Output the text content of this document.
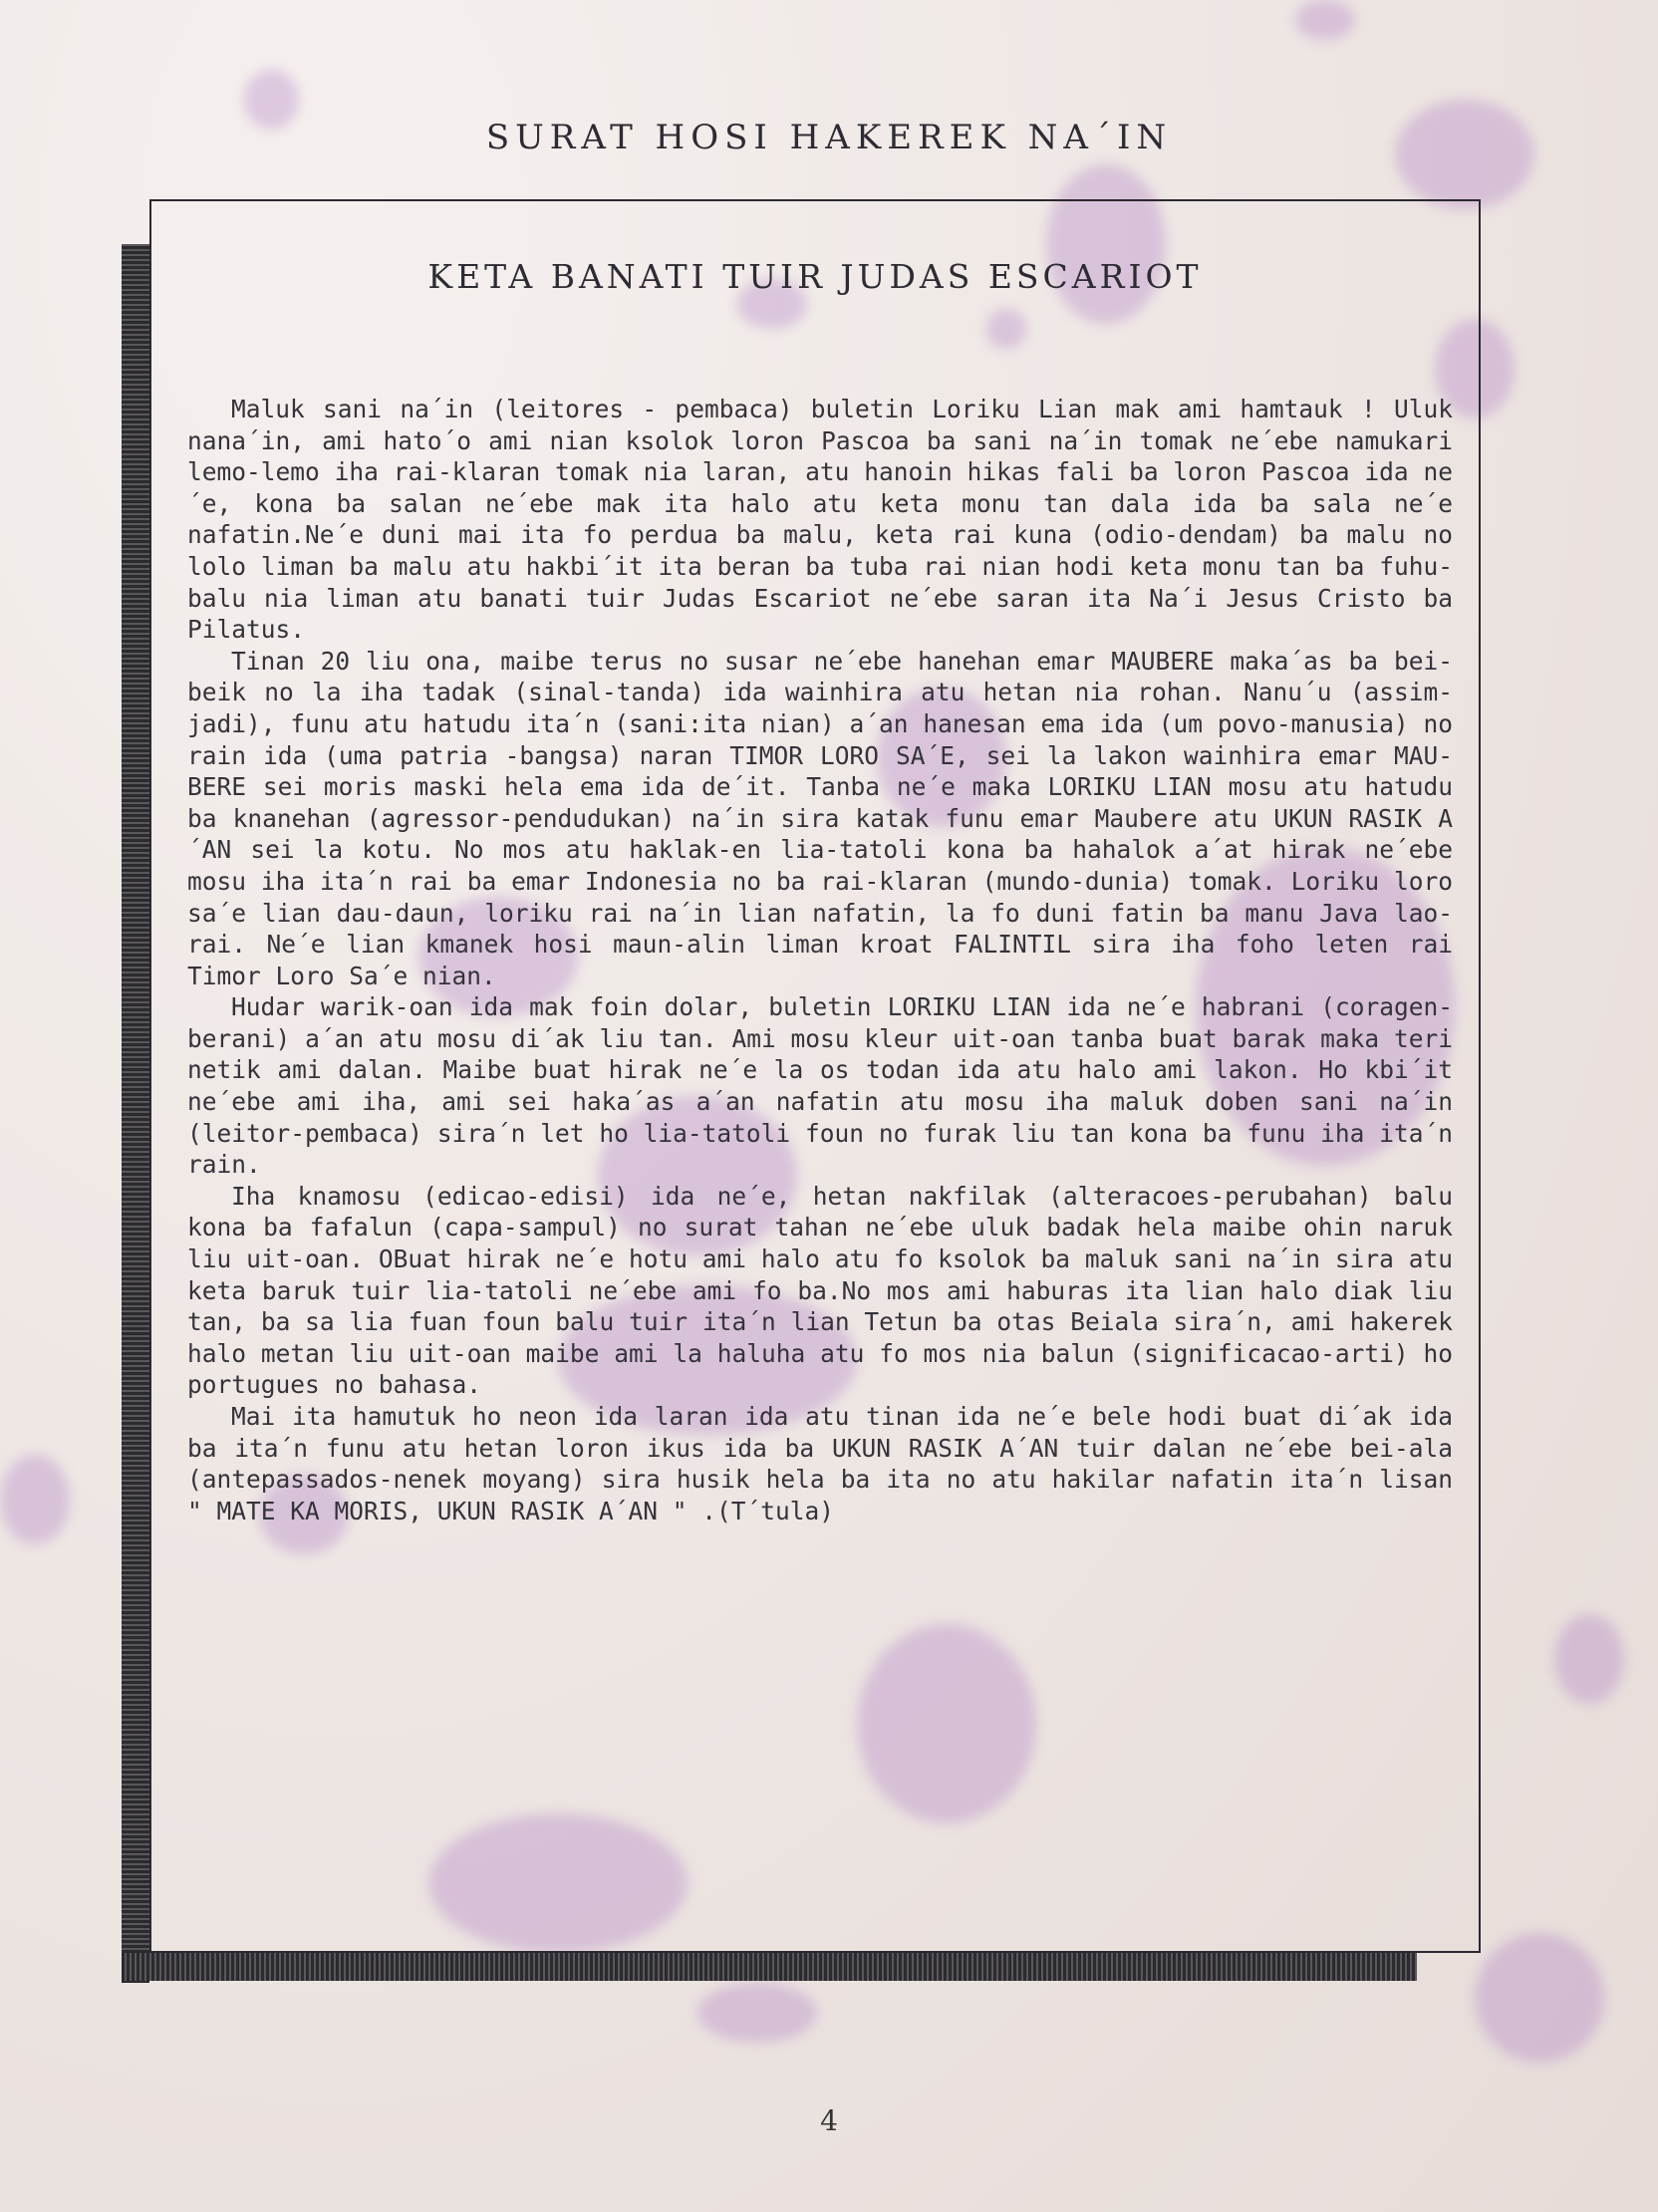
SURAT HOSI HAKEREK NA´IN
KETA BANATI TUIR JUDAS ESCARIOT

Maluk sani na´in (leitores - pembaca) buletin Loriku Lian mak ami hamtauk ! Uluk nana´in, ami hato´o ami nian ksolok loron Pascoa ba sani na´in tomak ne´ebe namukari lemo-lemo iha rai-klaran tomak nia laran, atu hanoin hikas fali ba loron Pascoa ida ne´e, kona ba salan ne´ebe mak ita halo atu keta monu tan dala ida ba sala ne´e nafatin.Ne´e duni mai ita fo perdua ba malu, keta rai kuna (odio-dendam) ba malu no lolo liman ba malu atu hakbi´it ita beran ba tuba rai nian hodi keta monu tan ba fuhu-balu nia liman atu banati tuir Judas Escariot ne´ebe saran ita Na´i Jesus Cristo ba Pilatus.

Tinan 20 liu ona, maibe terus no susar ne´ebe hanehan emar MAUBERE maka´as ba bei-beik no la iha tadak (sinal-tanda) ida wainhira atu hetan nia rohan. Nanu´u (assim-jadi), funu atu hatudu ita´n (sani:ita nian) a´an hanesan ema ida (um povo-manusia) no rain ida (uma patria -bangsa) naran TIMOR LORO SA´E, sei la lakon wainhira emar MAU-BERE sei moris maski hela ema ida de´it. Tanba ne´e maka LORIKU LIAN mosu atu hatudu ba knanehan (agressor-pendudukan) na´in sira katak funu emar Maubere atu UKUN RASIK A´AN sei la kotu. No mos atu haklak-en lia-tatoli kona ba hahalok a´at hirak ne´ebe mosu iha ita´n rai ba emar Indonesia no ba rai-klaran (mundo-dunia) tomak. Loriku loro sa´e lian dau-daun, loriku rai na´in lian nafatin, la fo duni fatin ba manu Java lao-rai. Ne´e lian kmanek hosi maun-alin liman kroat FALINTIL sira iha foho leten rai Timor Loro Sa´e nian.

Hudar warik-oan ida mak foin dolar, buletin LORIKU LIAN ida ne´e habrani (coragen-berani) a´an atu mosu di´ak liu tan. Ami mosu kleur uit-oan tanba buat barak maka teri netik ami dalan. Maibe buat hirak ne´e la os todan ida atu halo ami lakon. Ho kbi´it ne´ebe ami iha, ami sei haka´as a´an nafatin atu mosu iha maluk doben sani na´in (leitor-pembaca) sira´n let ho lia-tatoli foun no furak liu tan kona ba funu iha ita´n rain.

Iha knamosu (edicao-edisi) ida ne´e, hetan nakfilak (alteracoes-perubahan) balu kona ba fafalun (capa-sampul) no surat tahan ne´ebe uluk badak hela maibe ohin naruk liu uit-oan. OBuat hirak ne´e hotu ami halo atu fo ksolok ba maluk sani na´in sira atu keta baruk tuir lia-tatoli ne´ebe ami fo ba.No mos ami haburas ita lian halo diak liu tan, ba sa lia fuan foun balu tuir ita´n lian Tetun ba otas Beiala sira´n, ami hakerek halo metan liu uit-oan maibe ami la haluha atu fo mos nia balun (significacao-arti) ho portugues no bahasa.

Mai ita hamutuk ho neon ida laran ida atu tinan ida ne´e bele hodi buat di´ak ida ba ita´n funu atu hetan loron ikus ida ba UKUN RASIK A´AN tuir dalan ne´ebe bei-ala (antepassados-nenek moyang) sira husik hela ba ita no atu hakilar nafatin ita´n lisan " MATE KA MORIS, UKUN RASIK A´AN " .(T´tula)

4
